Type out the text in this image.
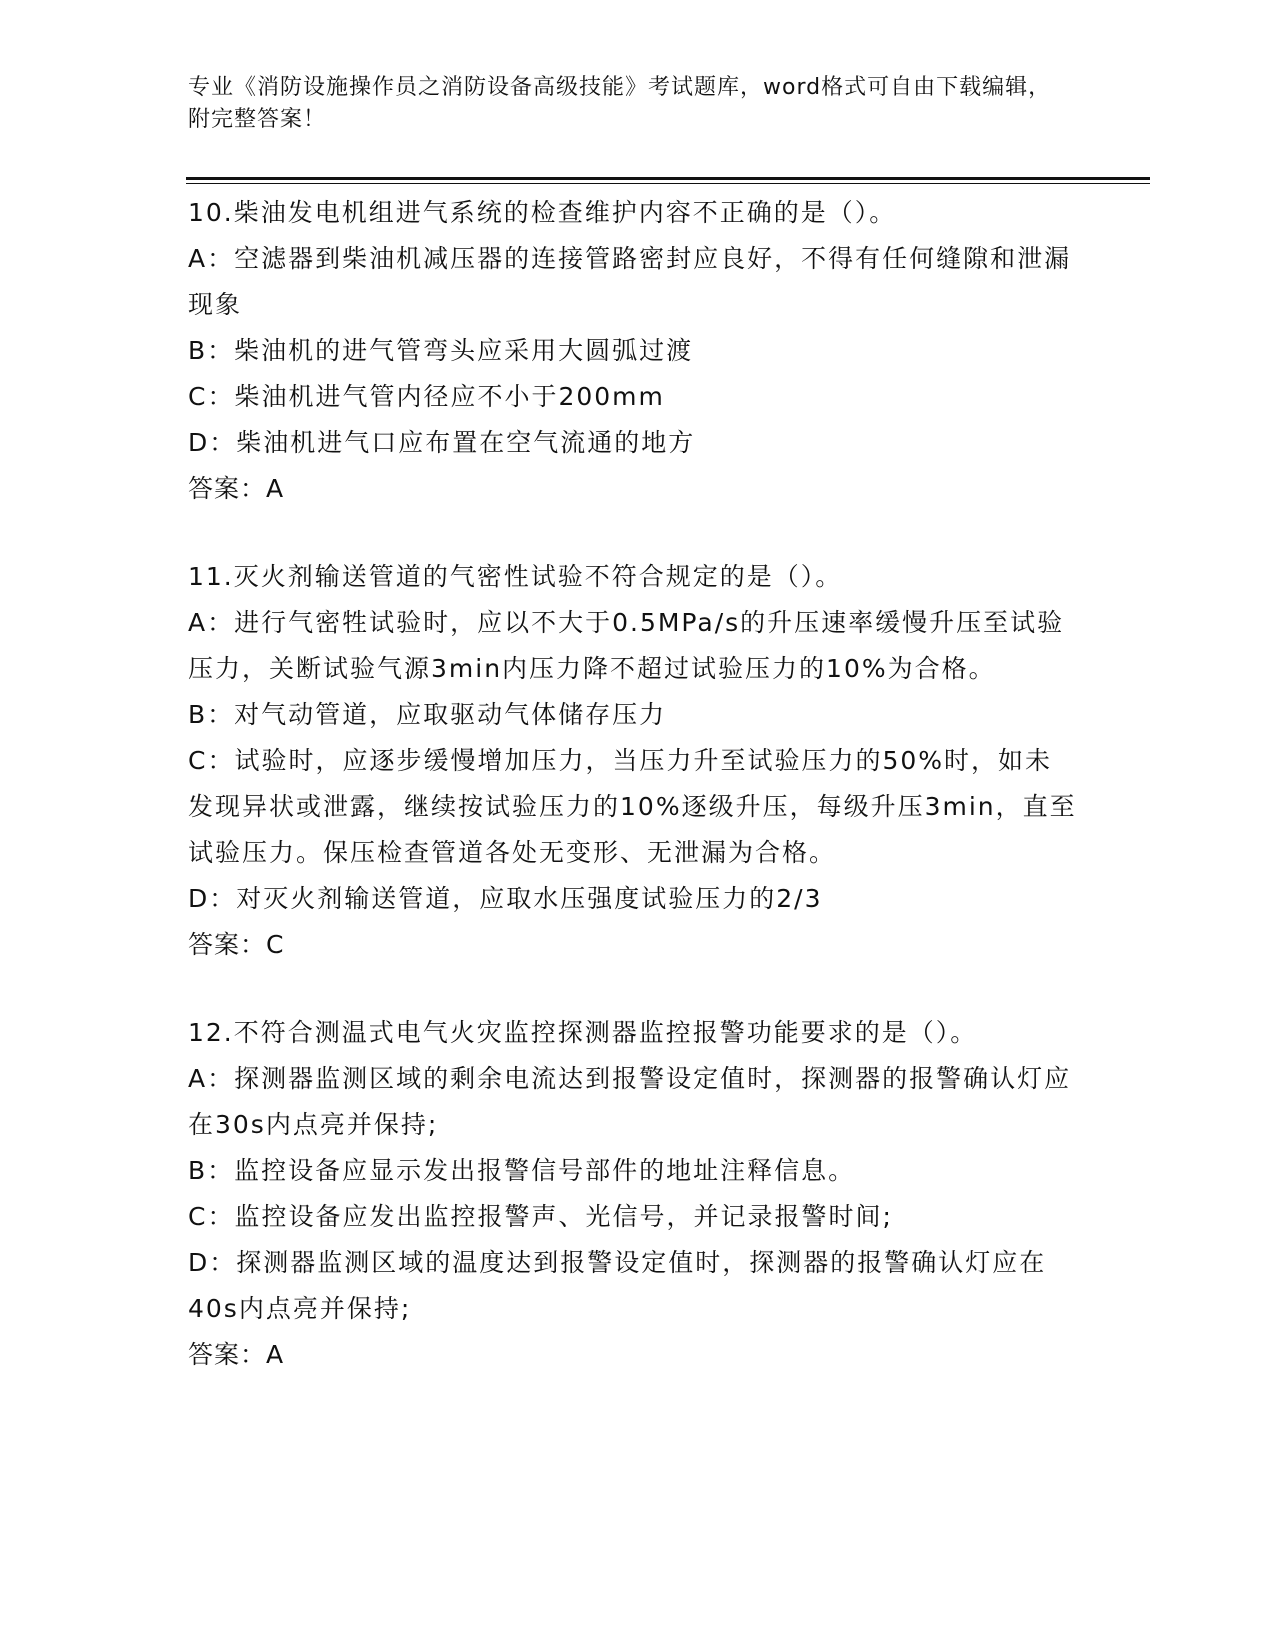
专业《消防设施操作员之消防设备高级技能》考试题库，word格式可自由下载编辑，附完整答案！
10.柴油发电机组进气系统的检查维护内容不正确的是（）。
A：空滤器到柴油机减压器的连接管路密封应良好，不得有任何缝隙和泄漏现象
B：柴油机的进气管弯头应采用大圆弧过渡
C：柴油机进气管内径应不小于200mm
D：柴油机进气口应布置在空气流通的地方
答案：A
11.灭火剂输送管道的气密性试验不符合规定的是（）。
A：进行气密牲试验时，应以不大于0.5MPa/s的升压速率缓慢升压至试验压力，关断试验气源3min内压力降不超过试验压力的10%为合格。
B：对气动管道，应取驱动气体储存压力
C：试验时，应逐步缓慢增加压力，当压力升至试验压力的50%时，如未发现异状或泄露，继续按试验压力的10%逐级升压，每级升压3min，直至试验压力。保压检查管道各处无变形、无泄漏为合格。
D：对灭火剂输送管道，应取水压强度试验压力的2/3
答案：C
12.不符合测温式电气火灾监控探测器监控报警功能要求的是（）。
A：探测器监测区域的剩余电流达到报警设定值时，探测器的报警确认灯应在30s内点亮并保持;
B：监控设备应显示发出报警信号部件的地址注释信息。
C：监控设备应发出监控报警声、光信号，并记录报警时间;
D：探测器监测区域的温度达到报警设定值时，探测器的报警确认灯应在40s内点亮并保持;
答案：A
